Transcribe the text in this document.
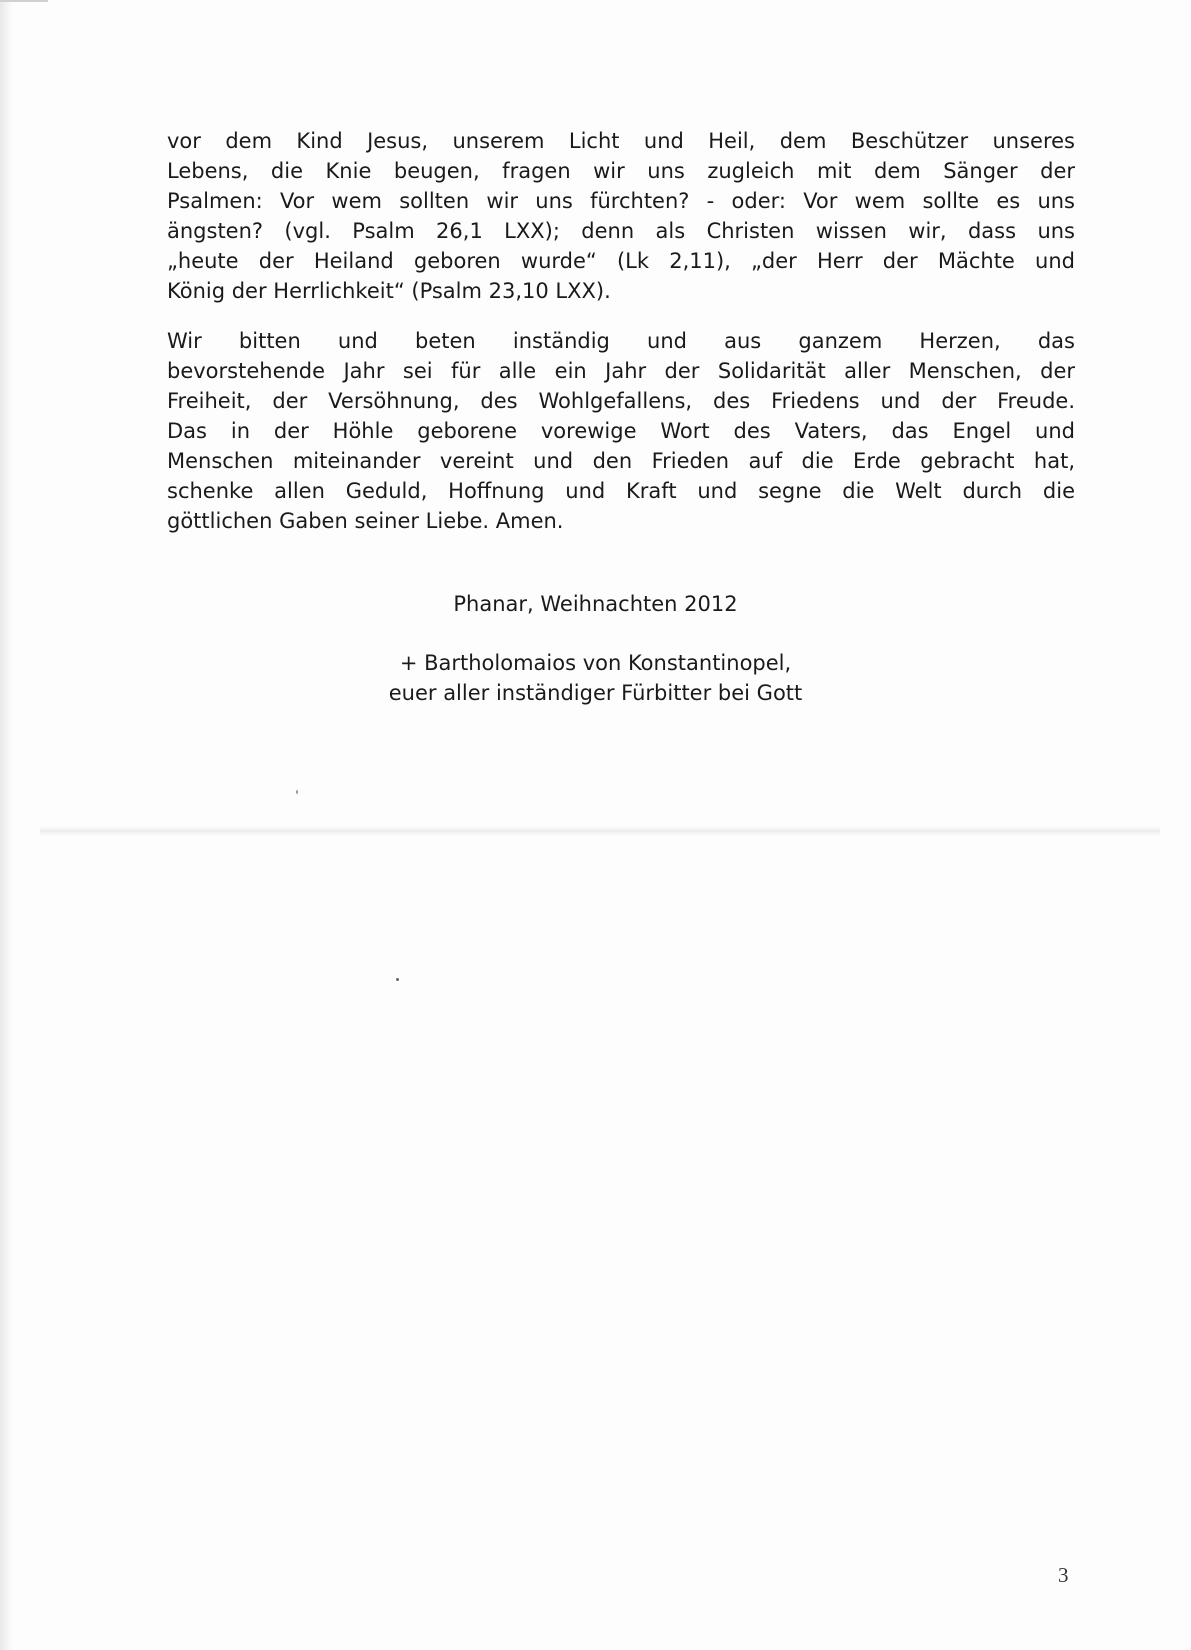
vor dem Kind Jesus, unserem Licht und Heil, dem Beschützer unseres
Lebens, die Knie beugen, fragen wir uns zugleich mit dem Sänger der
Psalmen: Vor wem sollten wir uns fürchten? - oder: Vor wem sollte es uns
ängsten? (vgl. Psalm 26,1 LXX); denn als Christen wissen wir, dass uns
„heute der Heiland geboren wurde“ (Lk 2,11), „der Herr der Mächte und
König der Herrlichkeit“ (Psalm 23,10 LXX).
Wir bitten und beten inständig und aus ganzem Herzen, das
bevorstehende Jahr sei für alle ein Jahr der Solidarität aller Menschen, der
Freiheit, der Versöhnung, des Wohlgefallens, des Friedens und der Freude.
Das in der Höhle geborene vorewige Wort des Vaters, das Engel und
Menschen miteinander vereint und den Frieden auf die Erde gebracht hat,
schenke allen Geduld, Hoffnung und Kraft und segne die Welt durch die
göttlichen Gaben seiner Liebe. Amen.
Phanar, Weihnachten 2012
+ Bartholomaios von Konstantinopel,
euer aller inständiger Fürbitter bei Gott
3
